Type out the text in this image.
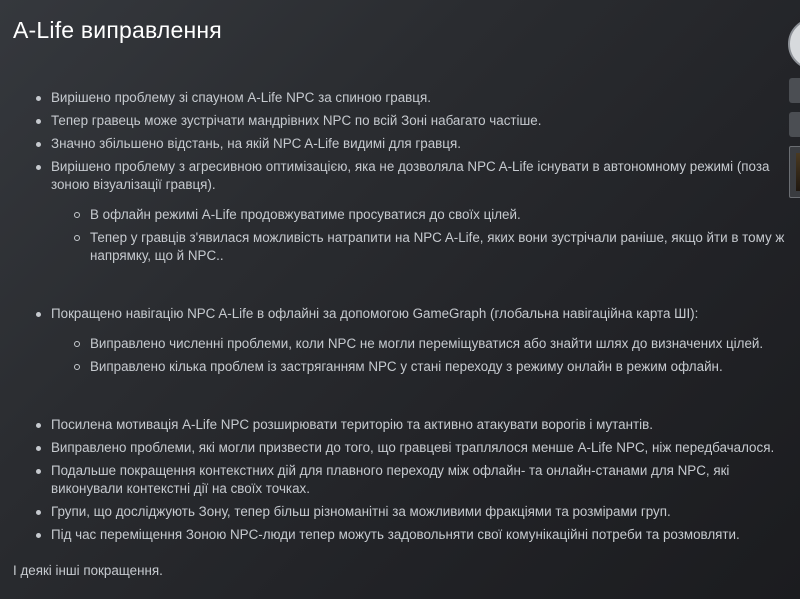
A-Life виправлення
Вирішено проблему зі спауном A-Life NPC за спиною гравця.
Тепер гравець може зустрічати мандрівних NPC по всій Зоні набагато частіше.
Значно збільшено відстань, на якій NPC A-Life видимі для гравця.
Вирішено проблему з агресивною оптимізацією, яка не дозволяла NPC A-Life існувати в автономному режимі (поза зоною візуалізації гравця).
В офлайн режимі A-Life продовжуватиме просуватися до своїх цілей.
Тепер у гравців з'явилася можливість натрапити на NPC A-Life, яких вони зустрічали раніше, якщо йти в тому ж напрямку, що й NPC..
Покращено навігацію NPC A-Life в офлайні за допомогою GameGraph (глобальна навігаційна карта ШІ):
Виправлено численні проблеми, коли NPC не могли переміщуватися або знайти шлях до визначених цілей.
Виправлено кілька проблем із застряганням NPC у стані переходу з режиму онлайн в режим офлайн.
Посилена мотивація A-Life NPC розширювати територію та активно атакувати ворогів і мутантів.
Виправлено проблеми, які могли призвести до того, що гравцеві траплялося менше A-Life NPC, ніж передбачалося.
Подальше покращення контекстних дій для плавного переходу між офлайн- та онлайн-станами для NPC, які виконували контекстні дії на своїх точках.
Групи, що досліджують Зону, тепер більш різноманітні за можливими фракціями та розмірами груп.
Під час переміщення Зоною NPC-люди тепер можуть задовольняти свої комунікаційні потреби та розмовляти.
І деякі інші покращення.
